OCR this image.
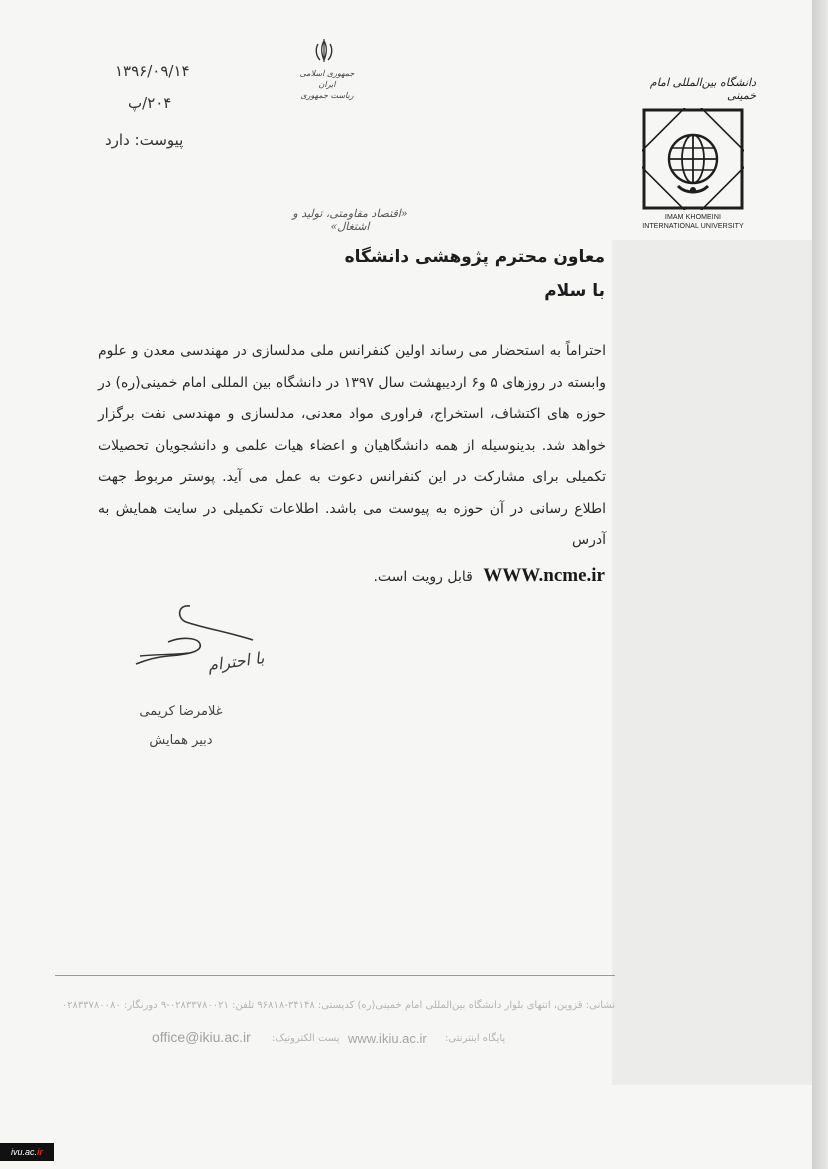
۱۳۹۶/۰۹/۱۴
۲۰۴/پ
پیوست: دارد
جمهوری اسلامی ایران
ریاست جمهوری
دانشگاه بین‌المللی امام خمینی
IMAM KHOMEINI
INTERNATIONAL UNIVERSITY
«اقتصاد مقاومتی، تولید و اشتغال»
معاون محترم پژوهشی دانشگاه
با سلام

احتراماً به استحضار می رساند اولین کنفرانس ملی مدلسازی در مهندسی معدن و علوم وابسته در روزهای ۵ و۶ اردیبهشت سال ۱۳۹۷ در دانشگاه بین المللی امام خمینی(ره) در حوزه های اکتشاف، استخراج، فراوری مواد معدنی، مدلسازی و مهندسی نفت برگزار خواهد شد. بدینوسیله از همه دانشگاهیان و اعضاء هیات علمی و دانشجویان تحصیلات تکمیلی برای مشارکت در این کنفرانس دعوت به عمل می آید. پوستر مربوط جهت اطلاع رسانی در آن حوزه به پیوست می باشد. اطلاعات تکمیلی در سایت همایش به آدرس

WWW.ncme.ir قابل رویت است.
با احترام
غلامرضا کریمی
دبیر همایش
نشانی: قزوین، انتهای بلوار دانشگاه بین‌المللی امام خمینی(ره) کدپستی: ۳۴۱۴۸-۹۶۸۱۸ تلفن: ۰۲۸۳۳۷۸۰۰۲۱-۹ دورنگار: ۰۲۸۳۳۷۸۰۰۸۰
www.ikiu.ac.ir پایگاه اینترنتی:
office@ikiu.ac.ir پست الکترونیک:
ivu.ac.ir
